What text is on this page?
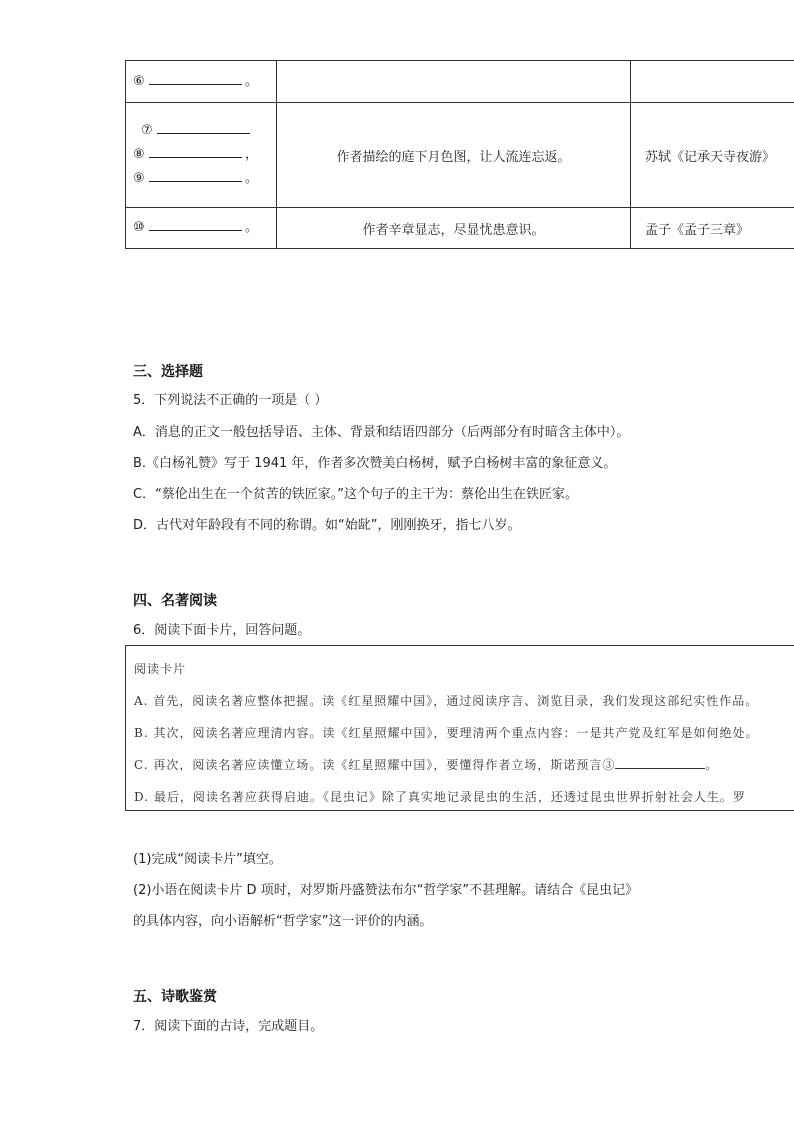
⑥ 。		

⑦
⑧ ，
⑨ 。	作者描绘的庭下月色图，让人流连忘返。	苏轼《记承天寺夜游》

⑩ 。	作者辛章显志，尽显忧患意识。	孟子《孟子三章》
三、选择题
5．下列说法不正确的一项是（ ）
A．消息的正文一般包括导语、主体、背景和结语四部分（后两部分有时暗含主体中）。
B.《白杨礼赞》写于 1941 年，作者多次赞美白杨树，赋予白杨树丰富的象征意义。
C．“蔡伦出生在一个贫苦的铁匠家。”这个句子的主干为：蔡伦出生在铁匠家。
D．古代对年龄段有不同的称谓。如“始龀”，刚刚换牙，指七八岁。
四、名著阅读
6．阅读下面卡片，回答问题。
阅读卡片
A. 首先，阅读名著应整体把握。读《红星照耀中国》，通过阅读序言、浏览目录，我们发现这部纪实性作品。
B. 其次，阅读名著应理清内容。读《红星照耀中国》，要理清两个重点内容：一是共产党及红军是如何绝处。
C. 再次，阅读名著应读懂立场。读《红星照耀中国》，要懂得作者立场，斯诺预言③	。
D. 最后，阅读名著应获得启迪。《昆虫记》除了真实地记录昆虫的生活，还透过昆虫世界折射社会人生。罗
(1)完成“阅读卡片”填空。
(2)小语在阅读卡片 D 项时，对罗斯丹盛赞法布尔“哲学家”不甚理解。请结合《昆虫记》
的具体内容，向小语解析“哲学家”这一评价的内涵。
五、诗歌鉴赏
7．阅读下面的古诗，完成题目。
